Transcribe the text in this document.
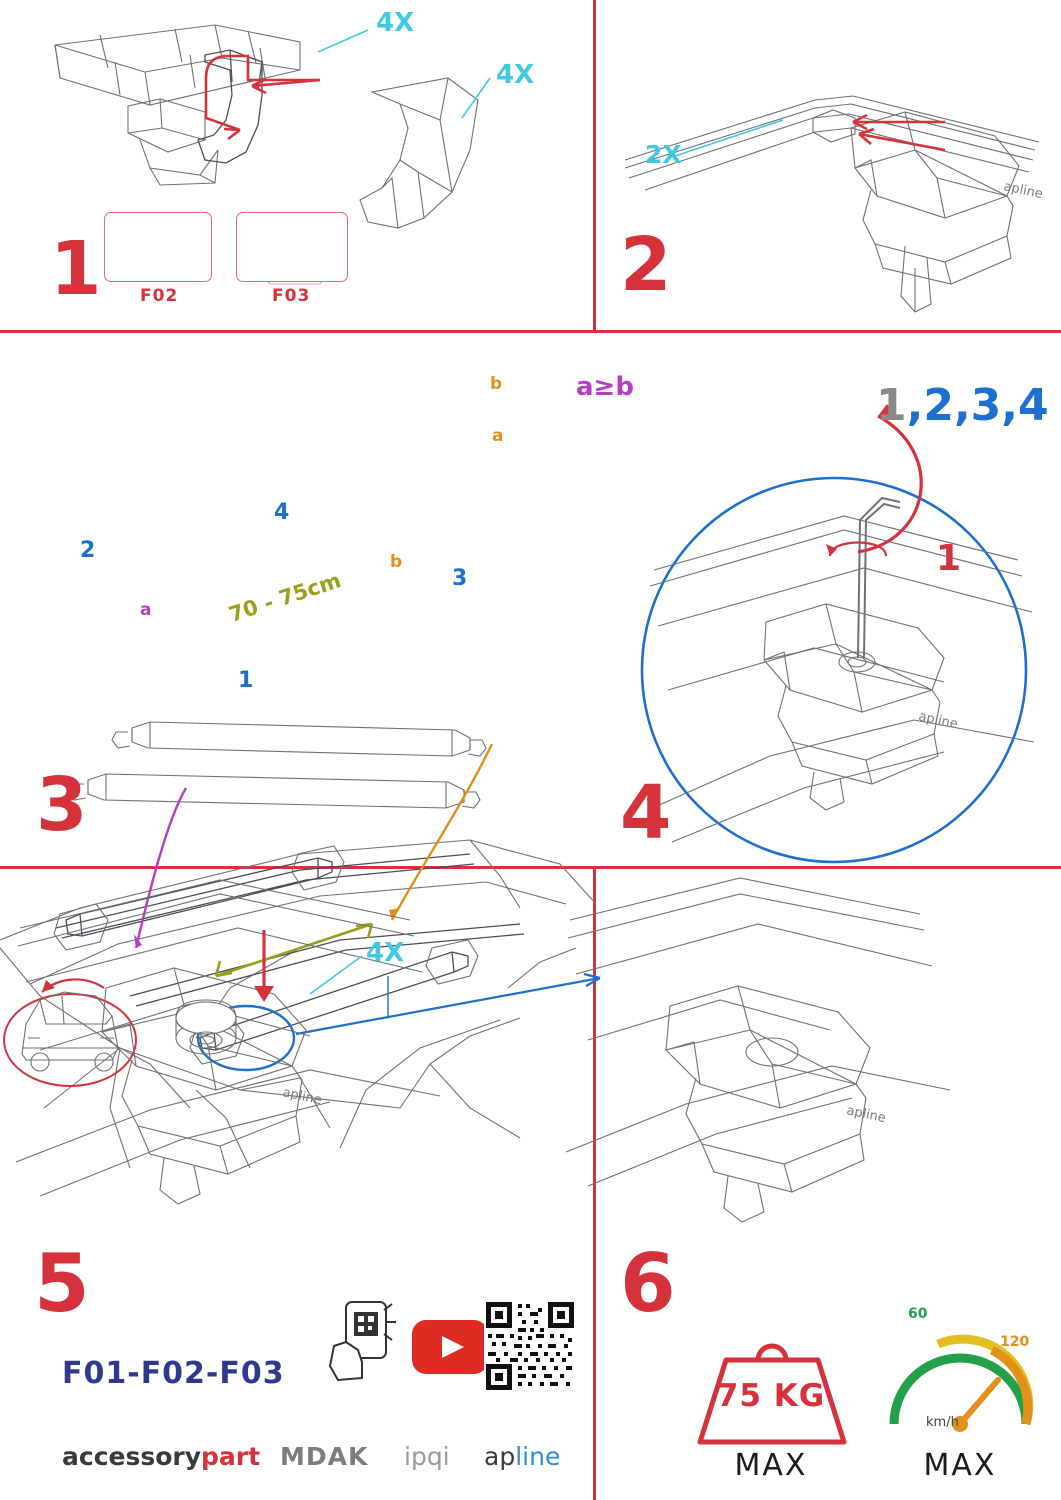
4X
4X
F02	F03
1
apline
2X
2
a≥b
b
a
b
a	70 - 75cm
1
2
3
4
3
apline
1,2,3,4
1
4
apline
4X
5
apline
F01-F02-F03
accessorypart MDAK ipqi apline
6
75 KG
MAX
km/h
60
120
MAX
